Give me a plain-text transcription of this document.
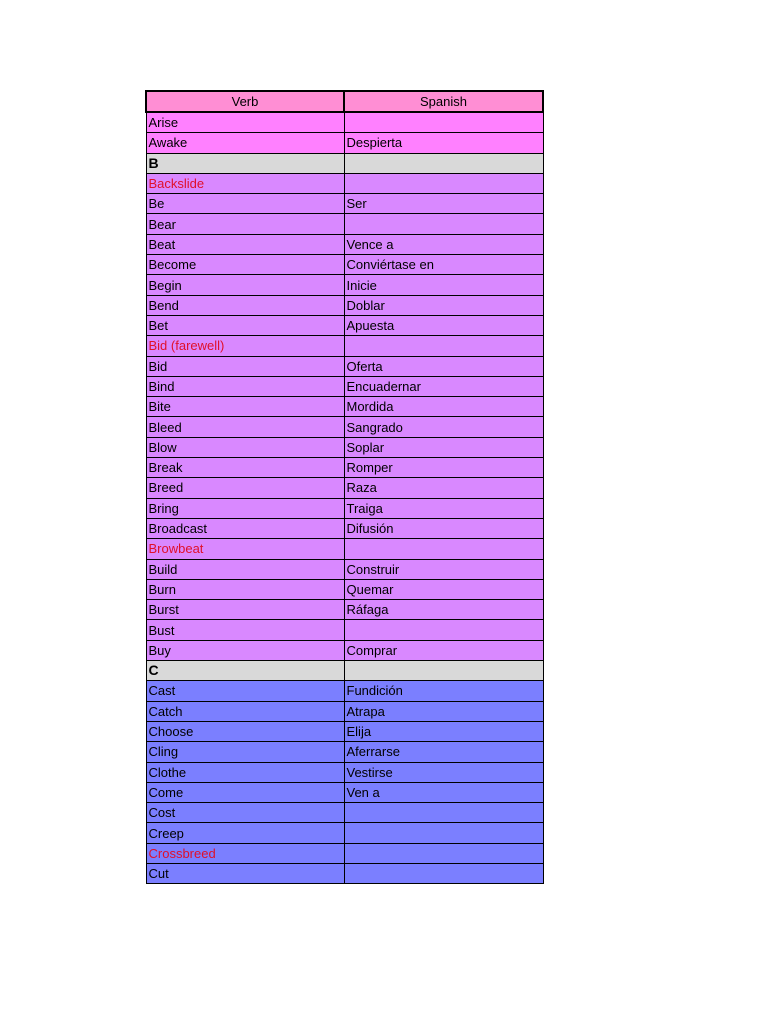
Verb	Spanish
Arise	
Awake	Despierta
B	
Backslide	
Be	Ser
Bear	
Beat	Vence a
Become	Conviértase en
Begin	Inicie
Bend	Doblar
Bet	Apuesta
Bid (farewell)	
Bid	Oferta
Bind	Encuadernar
Bite	Mordida
Bleed	Sangrado
Blow	Soplar
Break	Romper
Breed	Raza
Bring	Traiga
Broadcast	Difusión
Browbeat	
Build	Construir
Burn	Quemar
Burst	Ráfaga
Bust	
Buy	Comprar
C	
Cast	Fundición
Catch	Atrapa
Choose	Elija
Cling	Aferrarse
Clothe	Vestirse
Come	Ven a
Cost	
Creep	
Crossbreed	
Cut	
